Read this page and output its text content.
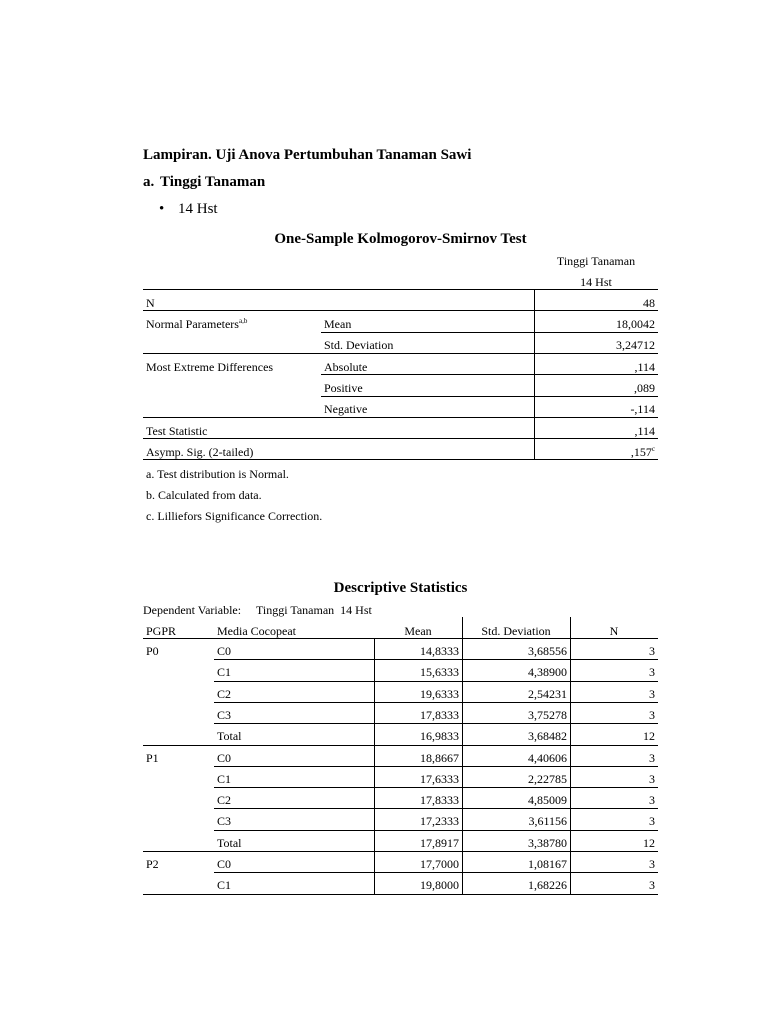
Lampiran. Uji Anova Pertumbuhan Tanaman Sawi
a. Tinggi Tanaman
• 14 Hst
One-Sample Kolmogorov-Smirnov Test
Tinggi Tanaman
14 Hst
N	48
Normal Parameters$^{a,b}$	Mean	18,0042
Std. Deviation	3,24712
Most Extreme Differences	Absolute	,114
Positive	,089
Negative	-,114
Test Statistic	,114
Asymp. Sig. (2-tailed)	,157$^c$
a. Test distribution is Normal.
b. Calculated from data.
c. Lilliefors Significance Correction.
Descriptive Statistics
Dependent Variable: Tinggi Tanaman  14 Hst
PGPR	Media Cocopeat	Mean	Std. Deviation	N
P0	C0	14,8333	3,68556	3
C1	15,6333	4,38900	3
C2	19,6333	2,54231	3
C3	17,8333	3,75278	3
Total	16,9833	3,68482	12
P1	C0	18,8667	4,40606	3
C1	17,6333	2,22785	3
C2	17,8333	4,85009	3
C3	17,2333	3,61156	3
Total	17,8917	3,38780	12
P2	C0	17,7000	1,08167	3
C1	19,8000	1,68226	3
